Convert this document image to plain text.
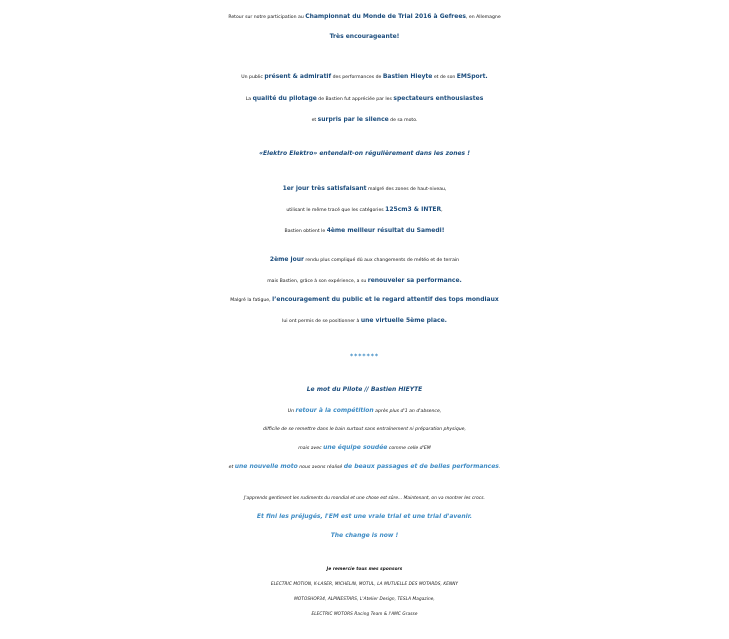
Retour sur notre participation au Championnat du Monde de Trial 2016 à Gefrees, en Allemagne
Très encourageante!
Un public présent & admiratif des performances de Bastien Hieyte et de son EMSport.
La qualité du pilotage de Bastien fut appréciée par les spectateurs enthousiastes
et surpris par le silence de sa moto.
«Elektro Elektro» entendait-on régulièrement dans les zones !
1er jour très satisfaisant malgré des zones de haut-niveau,
utilisant le même tracé que les catégories 125cm3 & INTER,
Bastien obtient le 4ème meilleur résultat du Samedi!
2ème jour rendu plus compliqué dû aux changements de météo et de terrain
mais Bastien, grâce à son expérience, a su renouveler sa performance.
Malgré la fatigue, l’encouragement du public et le regard attentif des tops mondiaux
lui ont permis de se positionner à une virtuelle 5ème place.
*******
Le mot du Pilote // Bastien HIEYTE
Un retour à la compétition après plus d'1 an d'absence,
difficile de se remettre dans le bain surtout sans entraînement ni préparation physique,
mais avec une équipe soudée comme celle d'EM
et une nouvelle moto nous avons réalisé de beaux passages et de belles performances.
J'apprends gentiment les rudiments du mondial et une chose est sûre... Maintenant, on va montrer les crocs.
Et fini les préjugés, l'EM est une vraie trial et une trial d'avenir.
The change is now !
Je remercie tous mes sponsors
ELECTRIC MOTION, K-LASER, MICHELIN, MOTUL, LA MUTUELLE DES MOTARDS, KENNY
MOTOSHOP34, ALPINESTARS, L'Atelier Design, TESLA Magazine,
ELECTRIC MOTORS Racing Team & l'AMC Grasse
